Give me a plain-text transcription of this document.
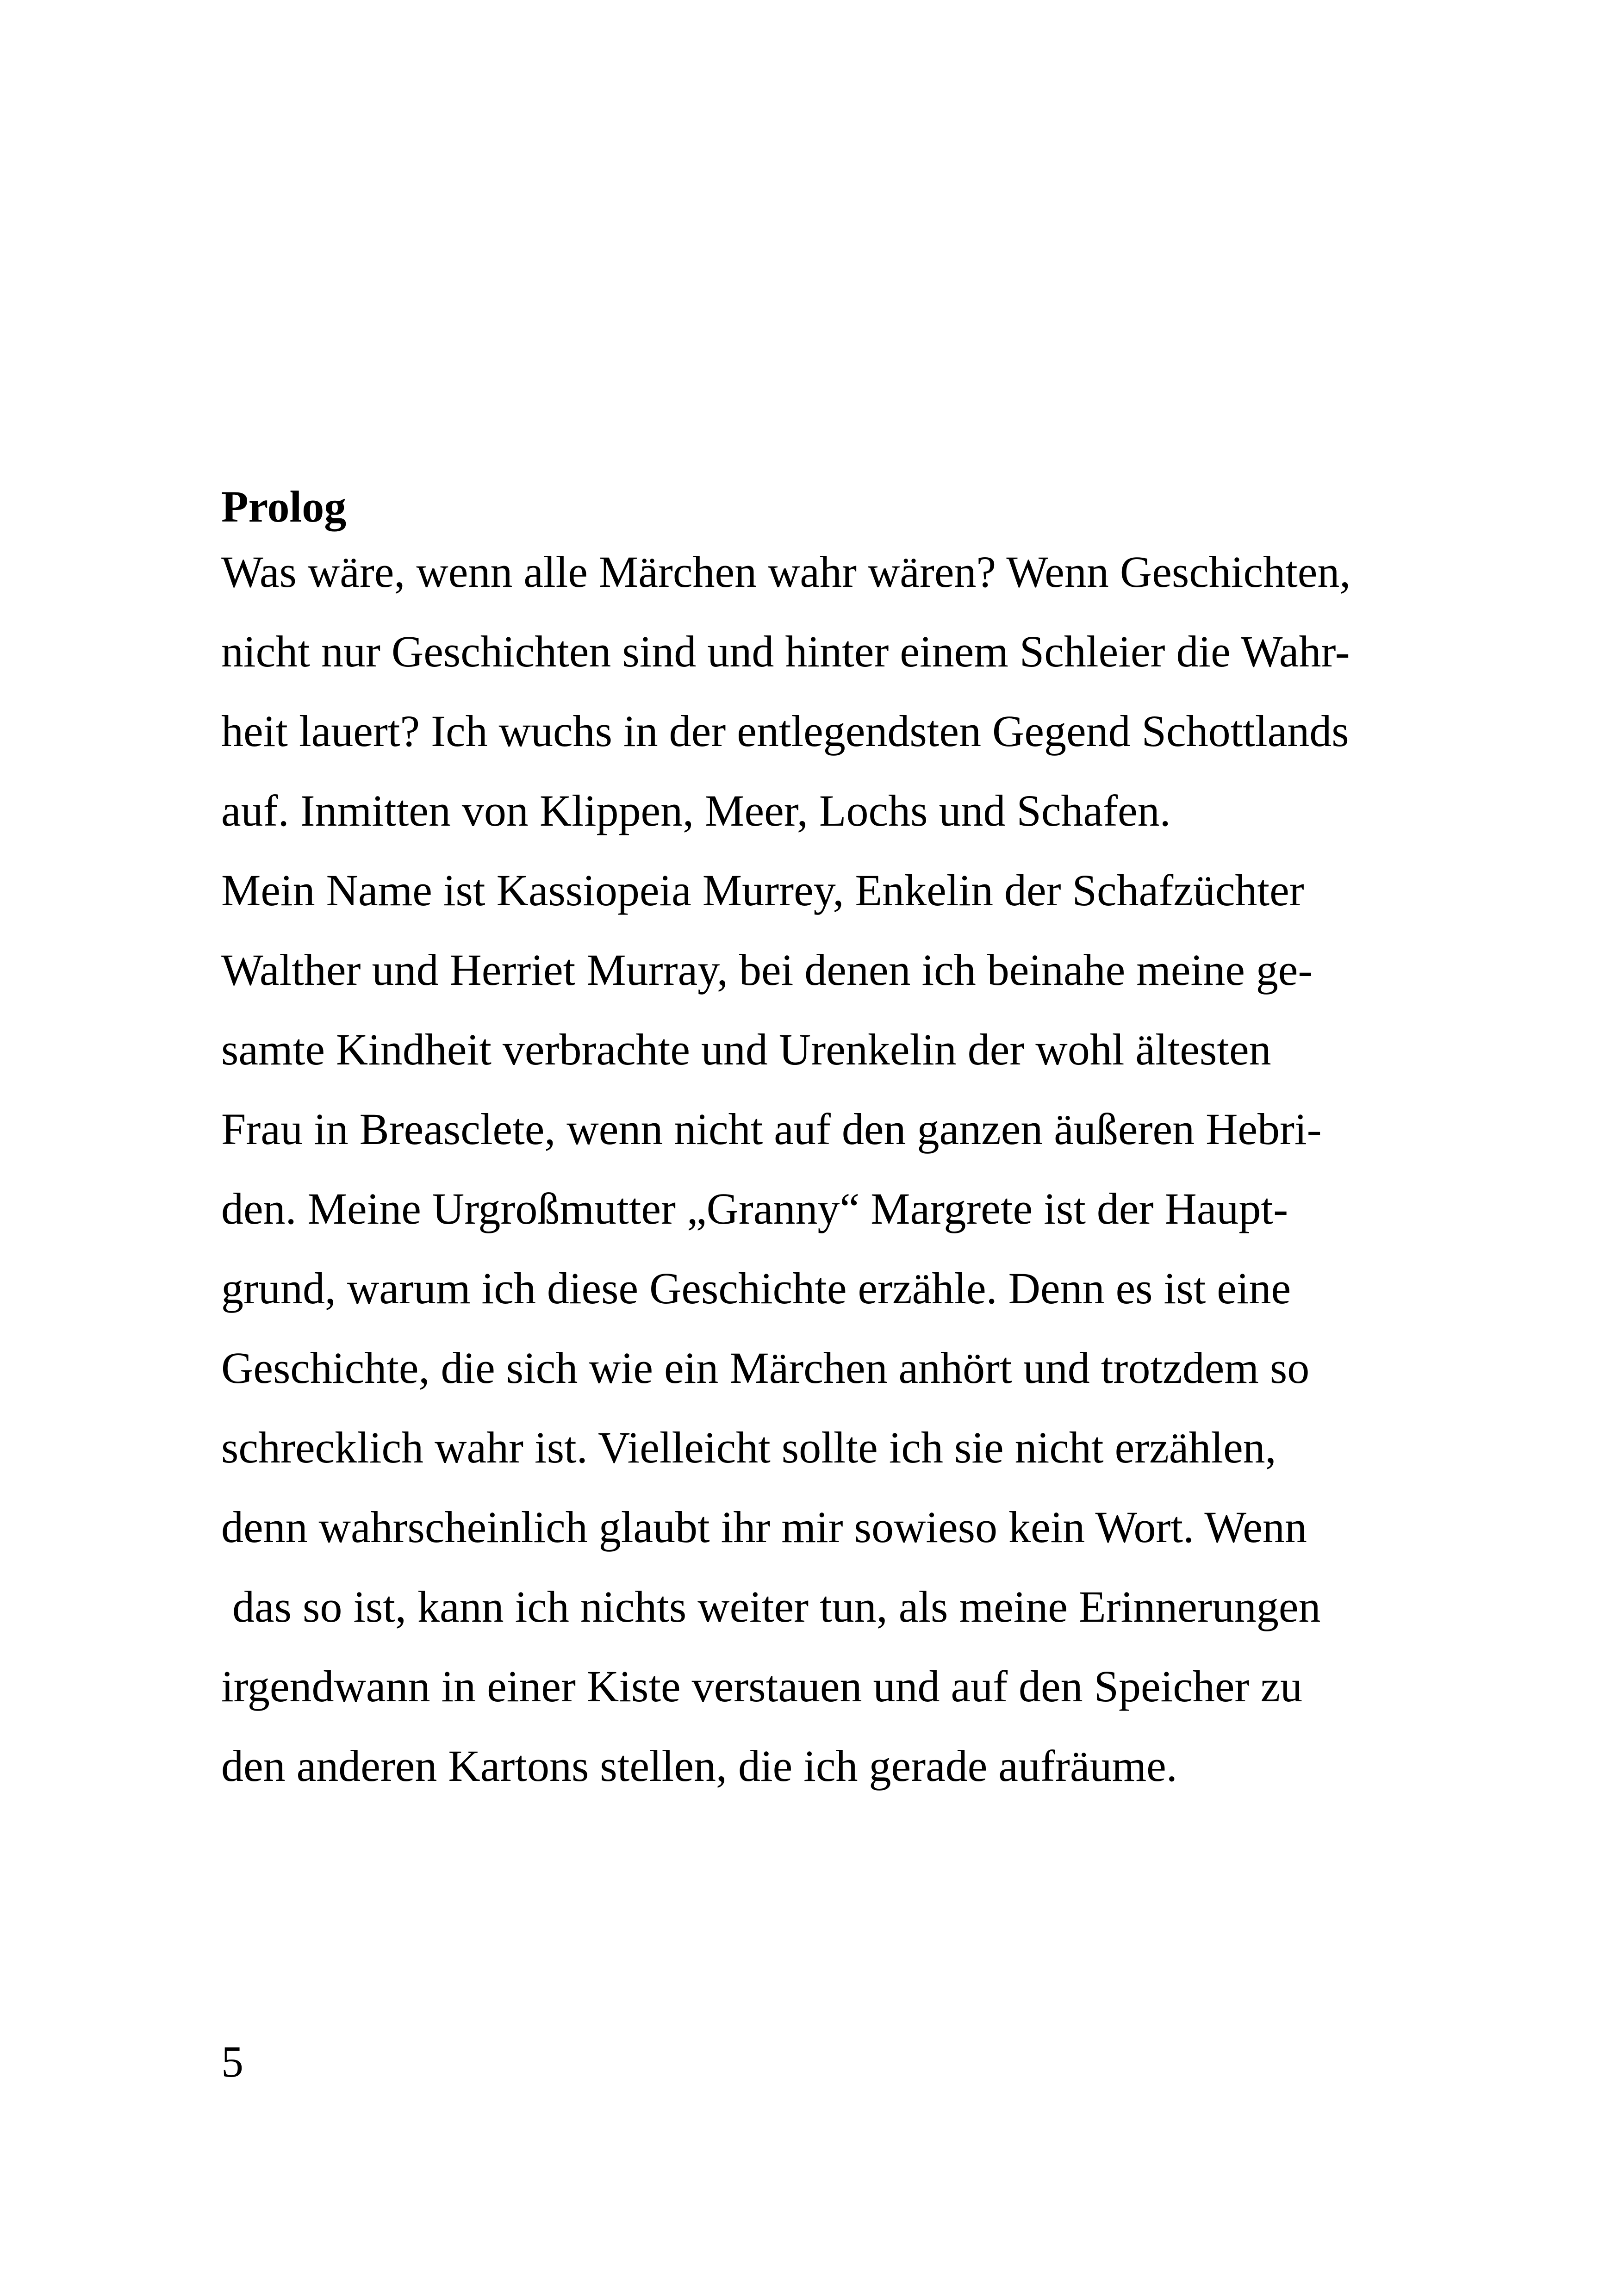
Prolog
Was wäre, wenn alle Märchen wahr wären? Wenn Geschichten,
nicht nur Geschichten sind und hinter einem Schleier die Wahr-
heit lauert? Ich wuchs in der entlegendsten Gegend Schottlands
auf. Inmitten von Klippen, Meer, Lochs und Schafen.
Mein Name ist Kassiopeia Murrey, Enkelin der Schafzüchter
Walther und Herriet Murray, bei denen ich beinahe meine ge-
samte Kindheit verbrachte und Urenkelin der wohl ältesten
Frau in Breasclete, wenn nicht auf den ganzen äußeren Hebri-
den. Meine Urgroßmutter „Granny“ Margrete ist der Haupt-
grund, warum ich diese Geschichte erzähle. Denn es ist eine
Geschichte, die sich wie ein Märchen anhört und trotzdem so
schrecklich wahr ist. Vielleicht sollte ich sie nicht erzählen,
denn wahrscheinlich glaubt ihr mir sowieso kein Wort. Wenn
das so ist, kann ich nichts weiter tun, als meine Erinnerungen
irgendwann in einer Kiste verstauen und auf den Speicher zu
den anderen Kartons stellen, die ich gerade aufräume.
5
